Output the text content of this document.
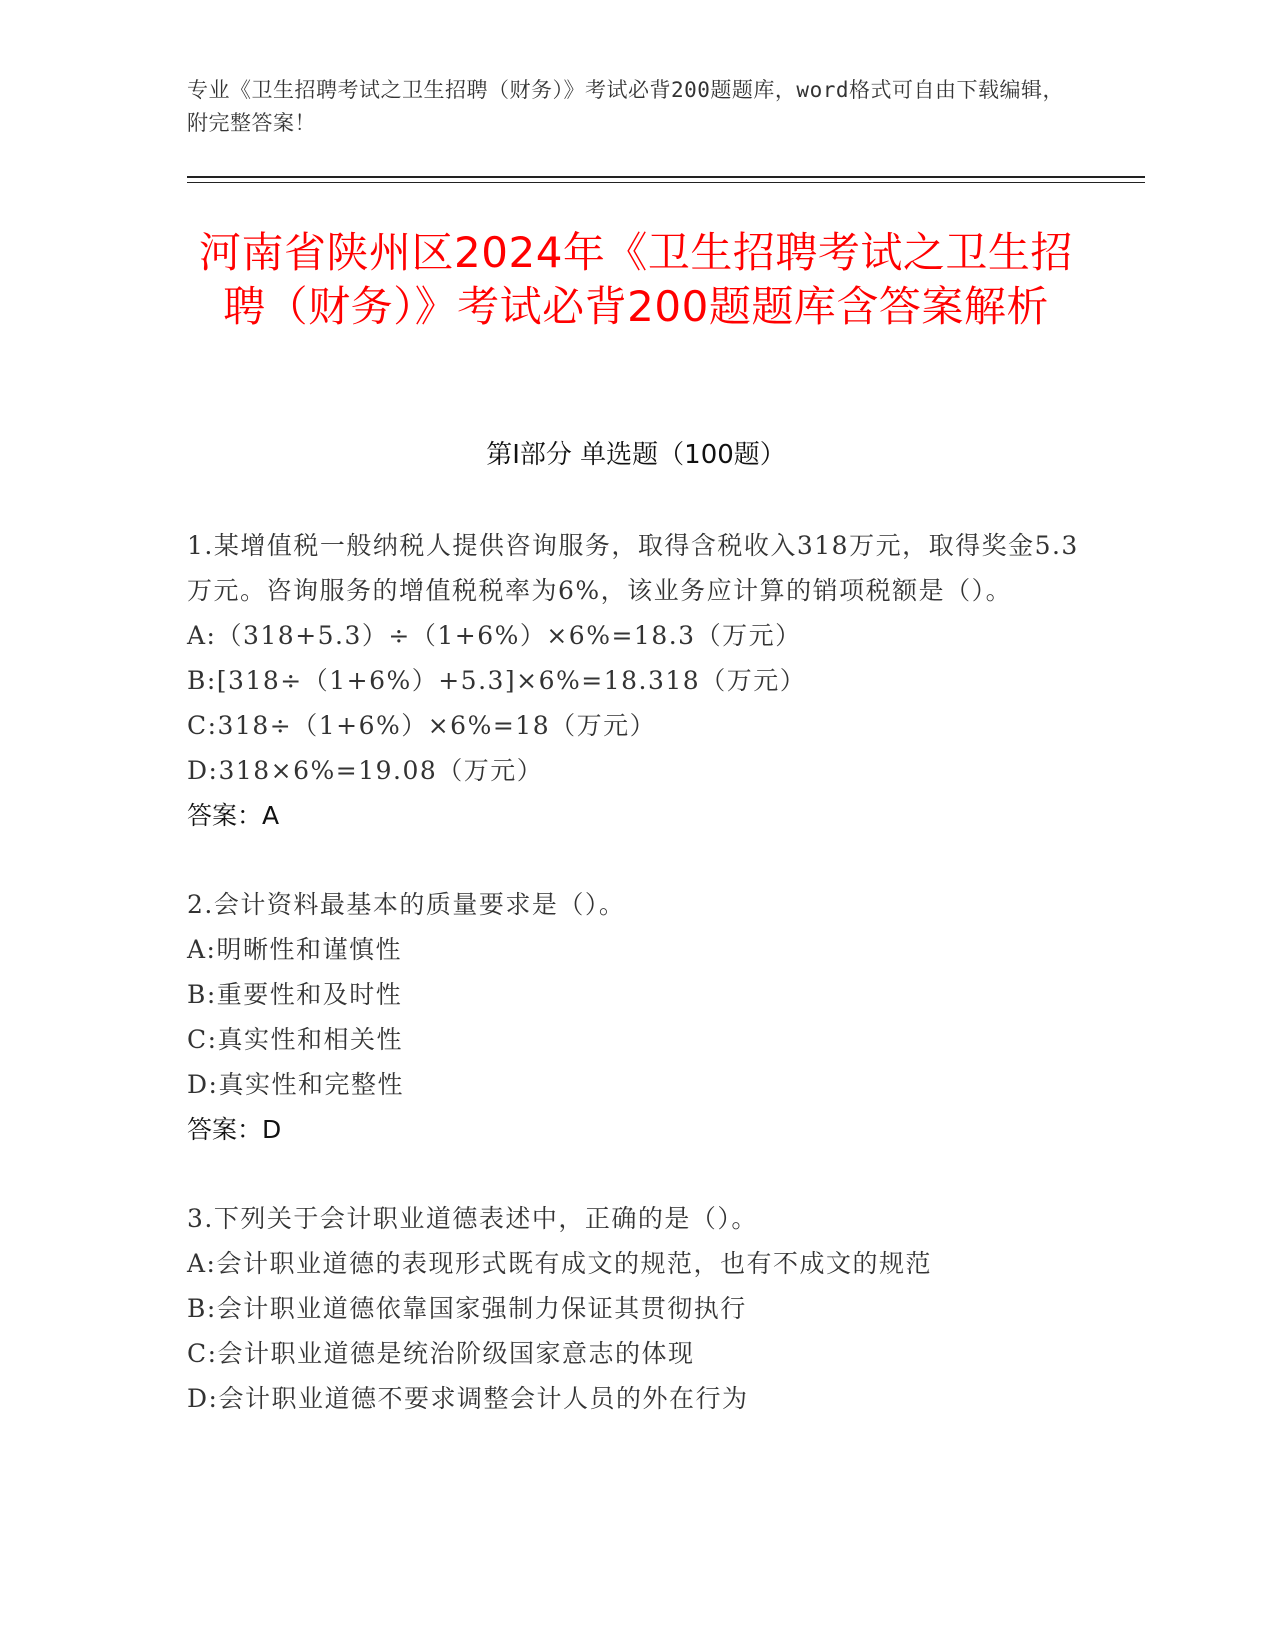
专业《卫生招聘考试之卫生招聘（财务）》考试必背200题题库，word格式可自由下载编辑，附完整答案！
河南省陕州区2024年《卫生招聘考试之卫生招聘（财务）》考试必背200题题库含答案解析
第Ⅰ部分 单选题（100题）

1.某增值税一般纳税人提供咨询服务，取得含税收入318万元，取得奖金5.3万元。咨询服务的增值税税率为6%，该业务应计算的销项税额是（）。

A:（318+5.3）÷（1+6%）×6%=18.3（万元）

B:[318÷（1+6%）+5.3]×6%=18.318（万元）

C:318÷（1+6%）×6%=18（万元）

D:318×6%=19.08（万元）

答案：A

2.会计资料最基本的质量要求是（）。

A:明晰性和谨慎性

B:重要性和及时性

C:真实性和相关性

D:真实性和完整性

答案：D

3.下列关于会计职业道德表述中，正确的是（）。

A:会计职业道德的表现形式既有成文的规范，也有不成文的规范

B:会计职业道德依靠国家强制力保证其贯彻执行

C:会计职业道德是统治阶级国家意志的体现

D:会计职业道德不要求调整会计人员的外在行为
